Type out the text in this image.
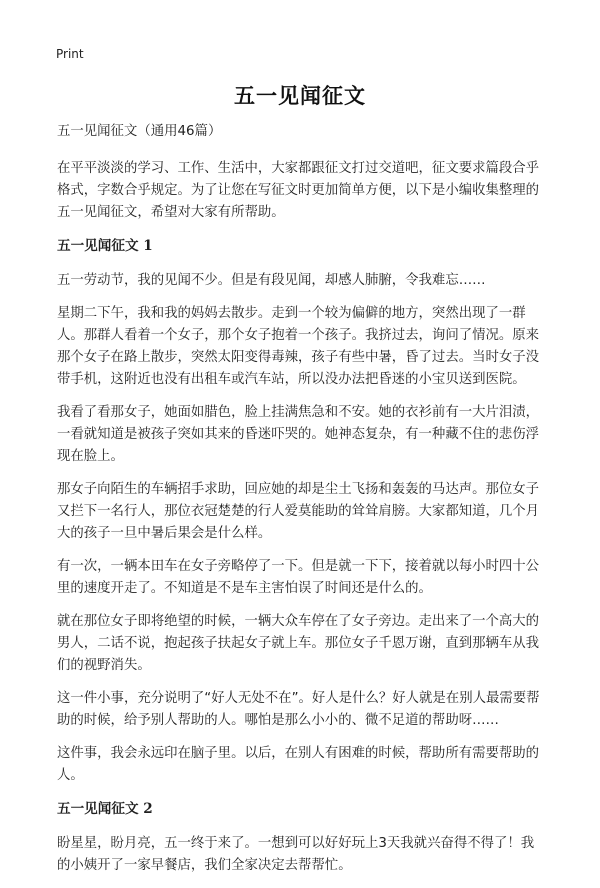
Print
五一见闻征文

五一见闻征文（通用46篇）

在平平淡淡的学习、工作、生活中，大家都跟征文打过交道吧，征文要求篇段合乎格式，字数合乎规定。为了让您在写征文时更加简单方便，以下是小编收集整理的五一见闻征文，希望对大家有所帮助。

五一见闻征文 1

五一劳动节，我的见闻不少。但是有段见闻，却感人肺腑，令我难忘……

星期二下午，我和我的妈妈去散步。走到一个较为偏僻的地方，突然出现了一群人。那群人看着一个女子，那个女子抱着一个孩子。我挤过去，询问了情况。原来那个女子在路上散步，突然太阳变得毒辣，孩子有些中暑，昏了过去。当时女子没带手机，这附近也没有出租车或汽车站，所以没办法把昏迷的小宝贝送到医院。

我看了看那女子，她面如腊色，脸上挂满焦急和不安。她的衣衫前有一大片泪渍，一看就知道是被孩子突如其来的昏迷吓哭的。她神态复杂，有一种藏不住的悲伤浮现在脸上。

那女子向陌生的车辆招手求助，回应她的却是尘土飞扬和轰轰的马达声。那位女子又拦下一名行人，那位衣冠楚楚的行人爱莫能助的耸耸肩膀。大家都知道，几个月大的孩子一旦中暑后果会是什么样。

有一次，一辆本田车在女子旁略停了一下。但是就一下下，接着就以每小时四十公里的速度开走了。不知道是不是车主害怕误了时间还是什么的。

就在那位女子即将绝望的时候，一辆大众车停在了女子旁边。走出来了一个高大的男人，二话不说，抱起孩子扶起女子就上车。那位女子千恩万谢，直到那辆车从我们的视野消失。

这一件小事，充分说明了“好人无处不在”。好人是什么？好人就是在别人最需要帮助的时候，给予别人帮助的人。哪怕是那么小小的、微不足道的帮助呀……

这件事，我会永远印在脑子里。以后，在别人有困难的时候，帮助所有需要帮助的人。

五一见闻征文 2

盼星星，盼月亮，五一终于来了。一想到可以好好玩上3天我就兴奋得不得了！我的小姨开了一家早餐店，我们全家决定去帮帮忙。
